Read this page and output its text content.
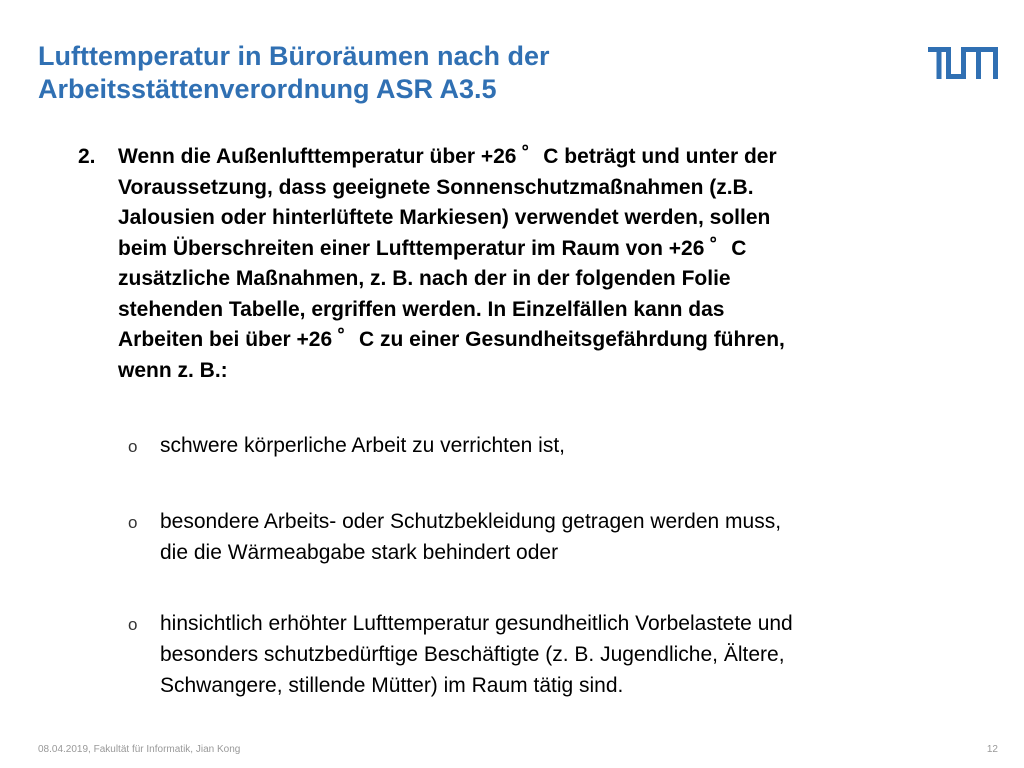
Lufttemperatur in Büroräumen nach der
Arbeitsstättenverordnung ASR A3.5
2. Wenn die Außenlufttemperatur über +26 ゜C beträgt und unter der
Voraussetzung, dass geeignete Sonnenschutzmaßnahmen (z.B.
Jalousien oder hinterlüftete Markiesen) verwendet werden, sollen
beim Überschreiten einer Lufttemperatur im Raum von +26 ゜C
zusätzliche Maßnahmen, z. B. nach der in der folgenden Folie
stehenden Tabelle, ergriffen werden. In Einzelfällen kann das
Arbeiten bei über +26 ゜C zu einer Gesundheitsgefährdung führen,
wenn z. B.:
o schwere körperliche Arbeit zu verrichten ist,
o besondere Arbeits- oder Schutzbekleidung getragen werden muss,
die die Wärmeabgabe stark behindert oder
o hinsichtlich erhöhter Lufttemperatur gesundheitlich Vorbelastete und
besonders schutzbedürftige Beschäftigte (z. B. Jugendliche, Ältere,
Schwangere, stillende Mütter) im Raum tätig sind.
08.04.2019, Fakultät für Informatik, Jian Kong	12
